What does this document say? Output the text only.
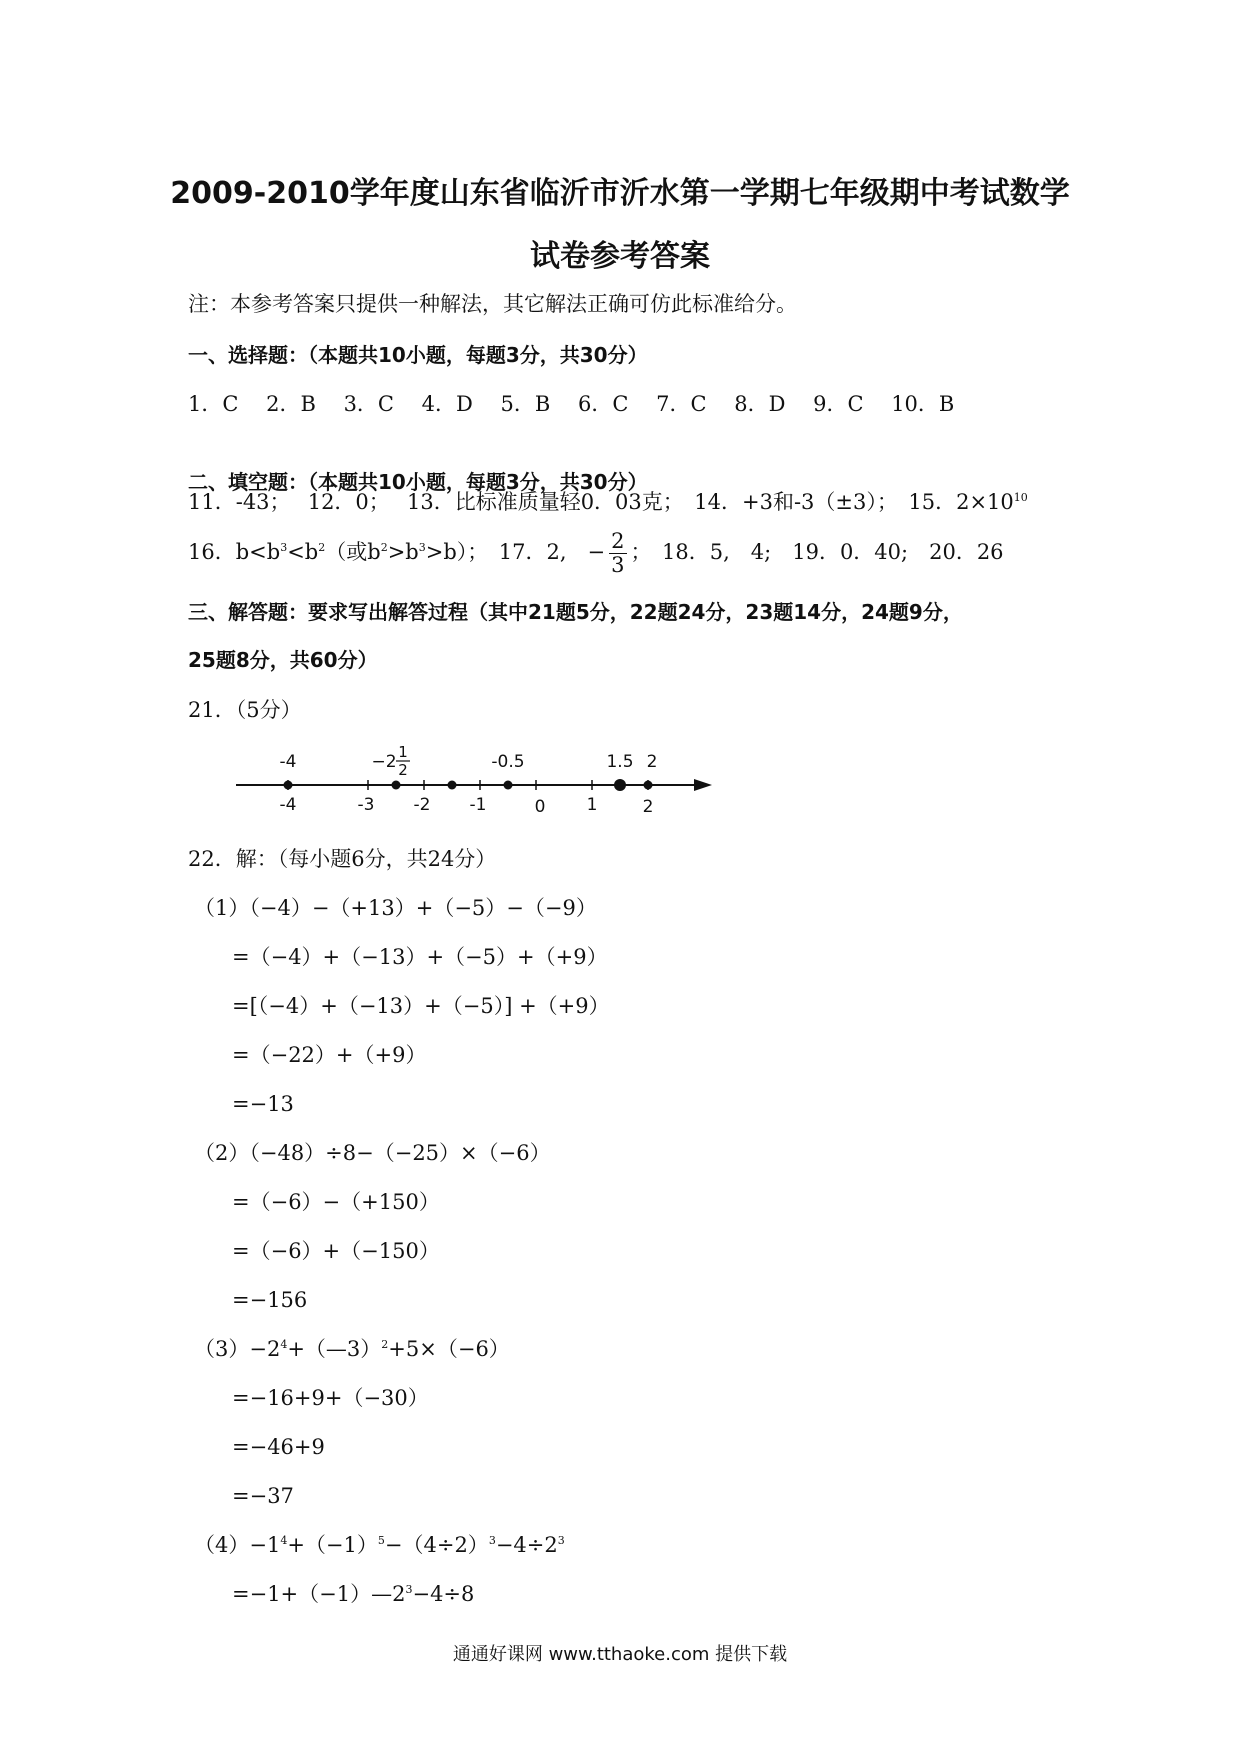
2009-2010学年度山东省临沂市沂水第一学期七年级期中考试数学
试卷参考答案
注：本参考答案只提供一种解法，其它解法正确可仿此标准给分。
一、选择题：（本题共10小题，每题3分，共30分）
1．C　 2．B　 3．C　 4．D　 5．B　 6．C　 7．C　 8．D　 9．C　 10．B
二、填空题：（本题共10小题，每题3分，共30分）
11．-43；　 12．0；　 13．比标准质量轻0．03克；　14．+3和-3（±3）；　15．$2\times 10^{10}$
16．$b<b^3<b^2$（或$b^2>b^3>b$）；　17．2,　− $\frac{2}{3}$ ；　18．5,　4;　19．0．40;　20．26
三、解答题：要求写出解答过程（其中21题5分，22题24分，23题14分，24题9分，
25题8分，共60分）
21．（5分）
-4	−2 1
2	-0.5	1.5 2
-4	-3 -2 -1	0 1	2
22．解：（每小题6分，共24分）
（1）（−4）−（+13）+（−5）−（−9）
=（−4）+（−13）+（−5）+（+9）
=[（−4）+（−13）+（−5）] +（+9）
=（−22）+（+9）
=−13
（2）（−48）÷8−（−25）×（−6）
=（−6）−（+150）
=（−6）+（−150）
=−156
$(3)-2^4+(—3)^2+5\times(-6)$
=−16+9+（−30）
=−46+9
=−37
$(4)-1^4+(-1)^5-(4\div 2)^3-4\div 2^3$
$=-1+(-1)—2^3-4\div 8$
通通好课网 www.tthaoke.com 提供下载
